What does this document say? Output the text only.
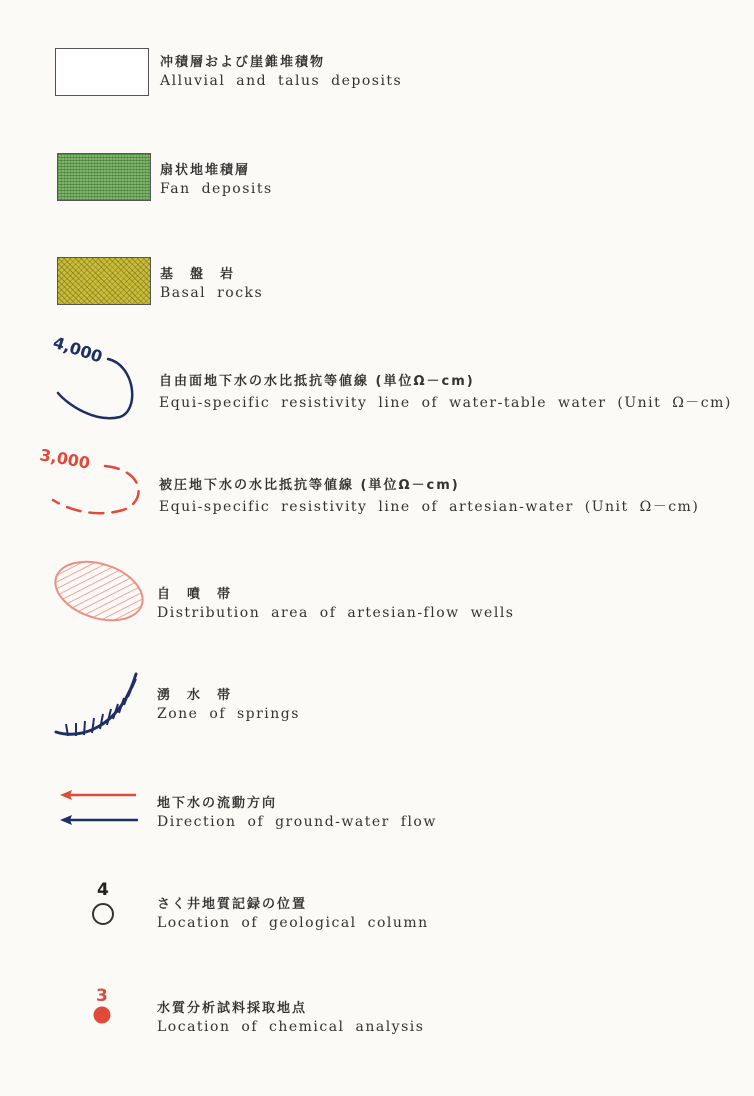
冲積層および崖錐堆積物
Alluvial and talus deposits
扇状地堆積層
Fan deposits
基　盤　岩
Basal rocks
4,000
自由面地下水の水比抵抗等値線 (単位Ω－cm)
Equi-specific resistivity line of water-table water (Unit Ω－cm)
3,000
被圧地下水の水比抵抗等値線 (単位Ω－cm)
Equi-specific resistivity line of artesian-water (Unit Ω－cm)
自　噴　帯
Distribution area of artesian-flow wells
湧　水　帯
Zone of springs
地下水の流動方向
Direction of ground-water flow
4
さく井地質記録の位置
Location of geological column
3
水質分析試料採取地点
Location of chemical analysis
